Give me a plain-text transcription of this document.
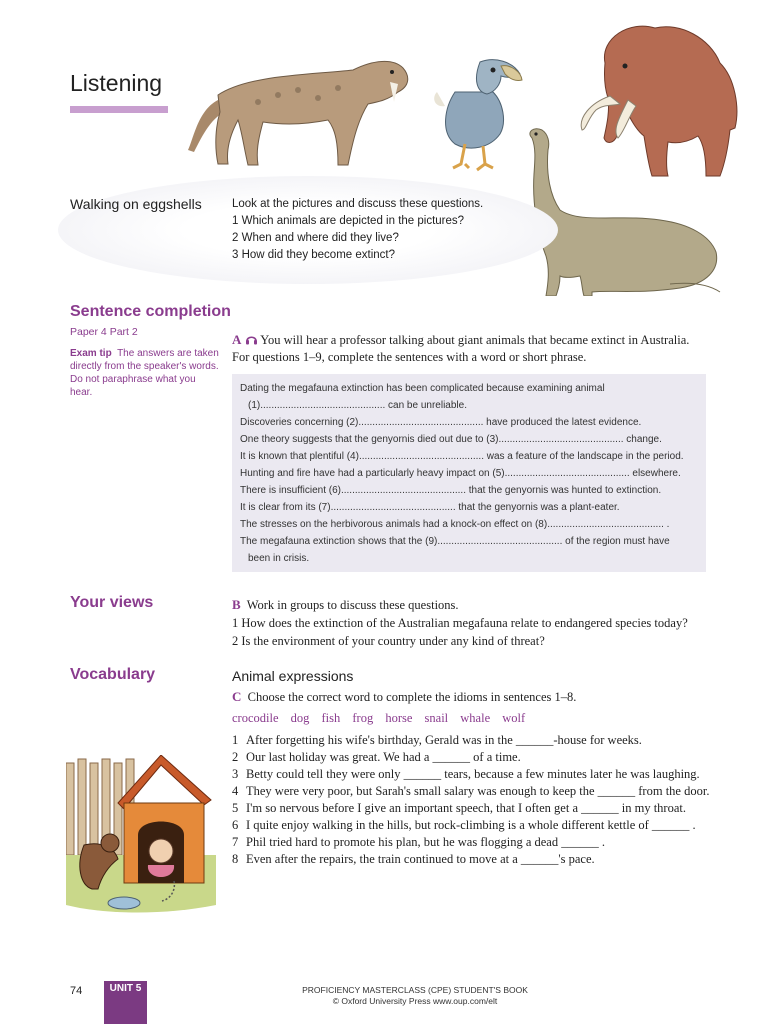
Listening
Walking on eggshells	Look at the pictures and discuss these questions.
1 Which animals are depicted in the pictures?
2 When and where did they live?
3 How did they become extinct?
Sentence completion
Paper 4 Part 2
Exam tip The answers are taken directly from the speaker's words. Do not paraphrase what you hear.
A You will hear a professor talking about giant animals that became extinct in Australia. For questions 1–9, complete the sentences with a word or short phrase.
Dating the megafauna extinction has been complicated because examining animal
(1)............................................. can be unreliable.
Discoveries concerning (2)............................................. have produced the latest evidence.
One theory suggests that the genyornis died out due to (3)............................................. change.
It is known that plentiful (4)............................................. was a feature of the landscape in the period.
Hunting and fire have had a particularly heavy impact on (5)............................................. elsewhere.
There is insufficient (6)............................................. that the genyornis was hunted to extinction.
It is clear from its (7)............................................. that the genyornis was a plant-eater.
The stresses on the herbivorous animals had a knock-on effect on (8).......................................... .
The megafauna extinction shows that the (9)............................................. of the region must have
been in crisis.
Your views	B Work in groups to discuss these questions.
1 How does the extinction of the Australian megafauna relate to endangered species today?
2 Is the environment of your country under any kind of threat?
Vocabulary	Animal expressions
C Choose the correct word to complete the idioms in sentences 1–8.
crocodile dog fish frog horse snail whale wolf
1 After forgetting his wife's birthday, Gerald was in the ______-house for weeks.
2 Our last holiday was great. We had a ______ of a time.
3 Betty could tell they were only ______ tears, because a few minutes later he was laughing.
4 They were very poor, but Sarah's small salary was enough to keep the ______ from the door.
5 I'm so nervous before I give an important speech, that I often get a ______ in my throat.
6 I quite enjoy walking in the hills, but rock-climbing is a whole different kettle of ______ .
7 Phil tried hard to promote his plan, but he was flogging a dead ______ .
8 Even after the repairs, the train continued to move at a ______'s pace.
74	UNIT 5	PROFICIENCY MASTERCLASS (CPE) STUDENT'S BOOK
© Oxford University Press www.oup.com/elt
